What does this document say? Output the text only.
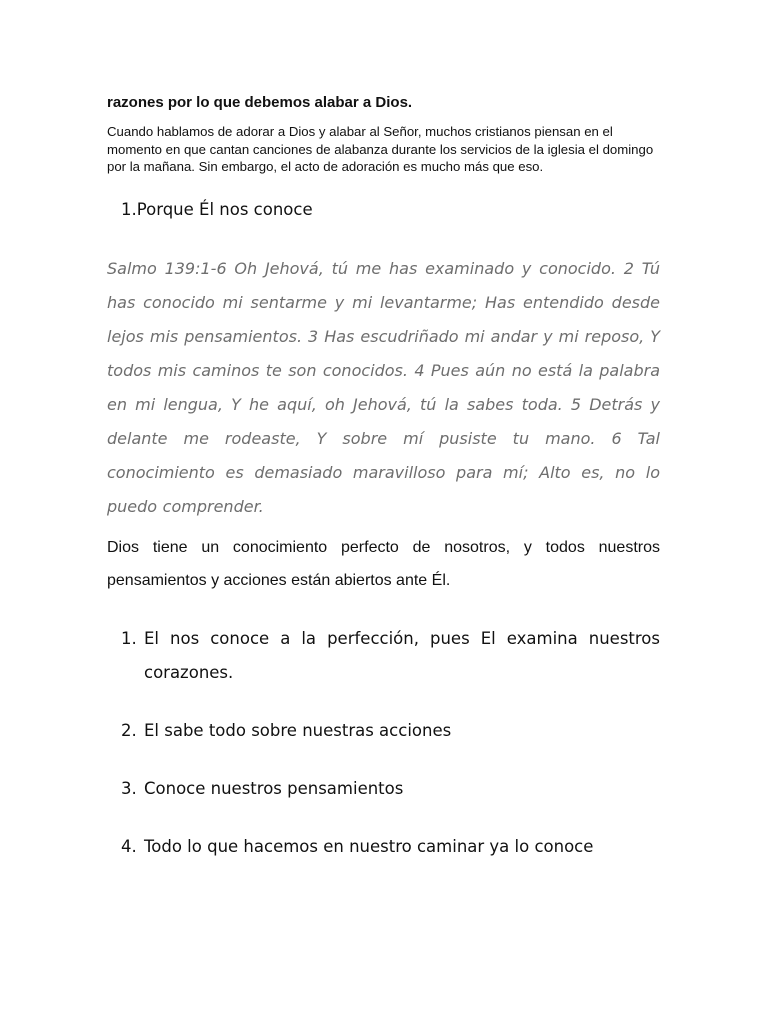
razones por lo que debemos alabar a Dios.
Cuando hablamos de adorar a Dios y alabar al Señor, muchos cristianos piensan en el momento en que cantan canciones de alabanza durante los servicios de la iglesia el domingo por la mañana. Sin embargo, el acto de adoración es mucho más que eso.
1.Porque Él nos conoce
Salmo 139:1-6 Oh Jehová, tú me has examinado y conocido. 2 Tú has conocido mi sentarme y mi levantarme; Has entendido desde lejos mis pensamientos. 3 Has escudriñado mi andar y mi reposo, Y todos mis caminos te son conocidos. 4 Pues aún no está la palabra en mi lengua, Y he aquí, oh Jehová, tú la sabes toda. 5 Detrás y delante me rodeaste, Y sobre mí pusiste tu mano. 6 Tal conocimiento es demasiado maravilloso para mí; Alto es, no lo puedo comprender.
Dios tiene un conocimiento perfecto de nosotros, y todos nuestros pensamientos y acciones están abiertos ante Él.
1. El nos conoce a la perfección, pues El examina nuestros corazones.
2. El sabe todo sobre nuestras acciones
3. Conoce nuestros pensamientos
4. Todo lo que hacemos en nuestro caminar ya lo conoce
